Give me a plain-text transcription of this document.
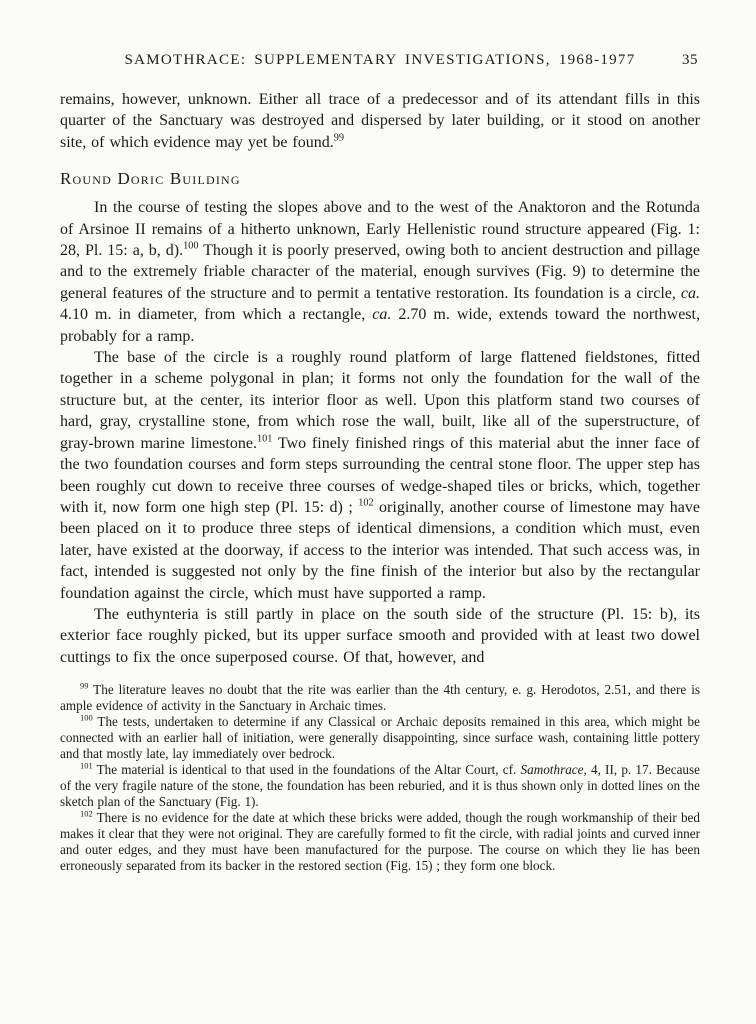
SAMOTHRACE: SUPPLEMENTARY INVESTIGATIONS, 1968-1977	35

remains, however, unknown. Either all trace of a predecessor and of its attendant fills in this quarter of the Sanctuary was destroyed and dispersed by later building, or it stood on another site, of which evidence may yet be found.$^{99}$

Round Doric Building

In the course of testing the slopes above and to the west of the Anaktoron and the Rotunda of Arsinoe II remains of a hitherto unknown, Early Hellenistic round structure appeared (Fig. 1: 28, Pl. 15: a, b, d).$^{100}$ Though it is poorly preserved, owing both to ancient destruction and pillage and to the extremely friable character of the material, enough survives (Fig. 9) to determine the general features of the structure and to permit a tentative restoration. Its foundation is a circle, ca. 4.10 m. in diameter, from which a rectangle, ca. 2.70 m. wide, extends toward the northwest, probably for a ramp.

The base of the circle is a roughly round platform of large flattened fieldstones, fitted together in a scheme polygonal in plan; it forms not only the foundation for the wall of the structure but, at the center, its interior floor as well. Upon this platform stand two courses of hard, gray, crystalline stone, from which rose the wall, built, like all of the superstructure, of gray-brown marine limestone.$^{101}$ Two finely finished rings of this material abut the inner face of the two foundation courses and form steps surrounding the central stone floor. The upper step has been roughly cut down to receive three courses of wedge-shaped tiles or bricks, which, together with it, now form one high step (Pl. 15: d) ; $^{102}$ originally, another course of limestone may have been placed on it to produce three steps of identical dimensions, a condition which must, even later, have existed at the doorway, if access to the interior was intended. That such access was, in fact, intended is suggested not only by the fine finish of the interior but also by the rectangular foundation against the circle, which must have supported a ramp.

The euthynteria is still partly in place on the south side of the structure (Pl. 15: b), its exterior face roughly picked, but its upper surface smooth and provided with at least two dowel cuttings to fix the once superposed course. Of that, however, and

$^{99}$ The literature leaves no doubt that the rite was earlier than the 4th century, e. g. Herodotos, 2.51, and there is ample evidence of activity in the Sanctuary in Archaic times.

$^{100}$ The tests, undertaken to determine if any Classical or Archaic deposits remained in this area, which might be connected with an earlier hall of initiation, were generally disappointing, since surface wash, containing little pottery and that mostly late, lay immediately over bedrock.

$^{101}$ The material is identical to that used in the foundations of the Altar Court, cf. Samothrace, 4, II, p. 17. Because of the very fragile nature of the stone, the foundation has been reburied, and it is thus shown only in dotted lines on the sketch plan of the Sanctuary (Fig. 1).

$^{102}$ There is no evidence for the date at which these bricks were added, though the rough workmanship of their bed makes it clear that they were not original. They are carefully formed to fit the circle, with radial joints and curved inner and outer edges, and they must have been manufactured for the purpose. The course on which they lie has been erroneously separated from its backer in the restored section (Fig. 15) ; they form one block.
